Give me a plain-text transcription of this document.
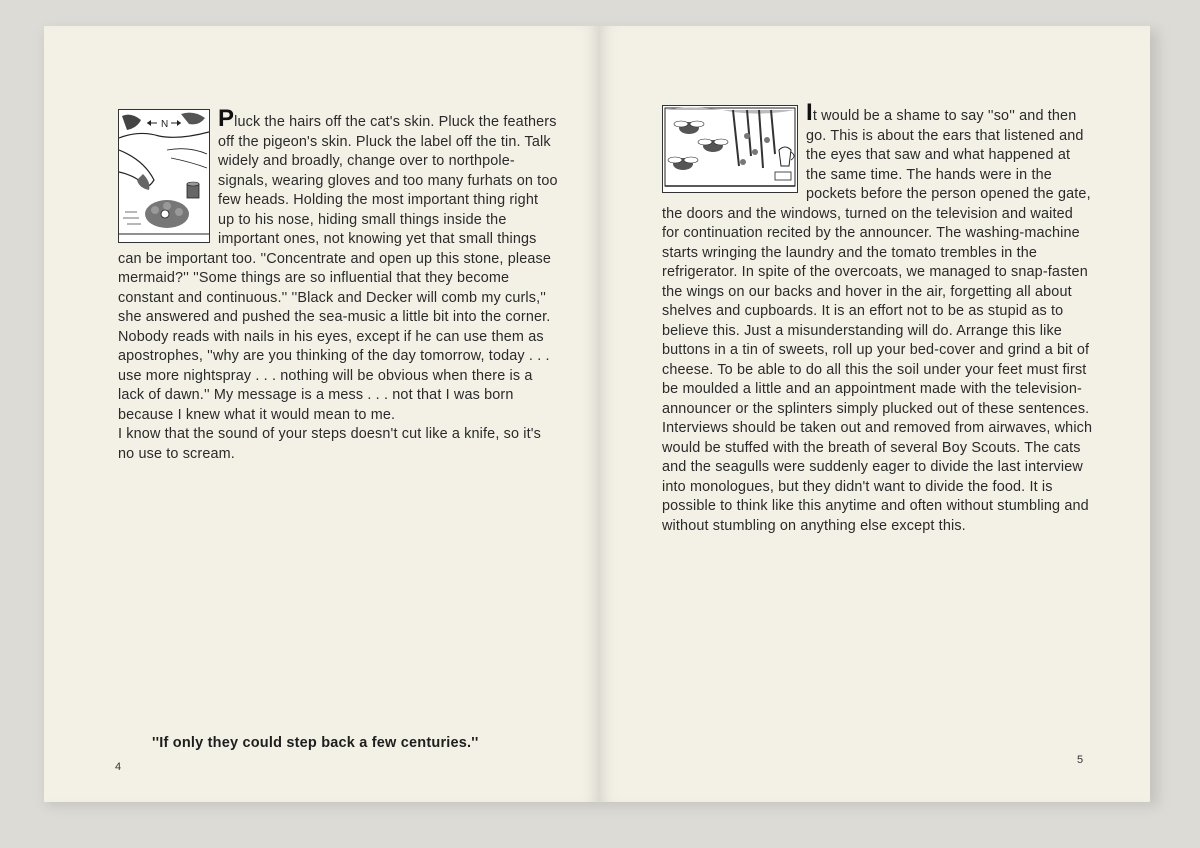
N	Pluck the hairs off the cat's skin. Pluck the feathers off the pigeon's skin. Pluck the label off the tin. Talk widely and broadly, change over to northpole-signals, wearing gloves and too many furhats on too few heads. Holding the most important thing right up to his nose, hiding small things inside the important ones, not knowing yet that small things can be important too. ''Concentrate and open up this stone, please mermaid?'' ''Some things are so influential that they become constant and continuous.'' ''Black and Decker will comb my curls,'' she answered and pushed the sea-music a little bit into the corner.

Nobody reads with nails in his eyes, except if he can use them as apostrophes, ''why are you thinking of the day tomorrow, today . . . use more nightspray . . . nothing will be obvious when there is a lack of dawn.'' My message is a mess . . . not that I was born because I knew what it would mean to me.

I know that the sound of your steps doesn't cut like a knife, so it's no use to scream.

''If only they could step back a few centuries.''
4

It would be a shame to say ''so'' and then go. This is about the ears that listened and the eyes that saw and what happened at the same time. The hands were in the pockets before the person opened the gate, the doors and the windows, turned on the television and waited for continuation recited by the announcer. The washing-machine starts wringing the laundry and the tomato trembles in the refrigerator. In spite of the overcoats, we managed to snap-fasten the wings on our backs and hover in the air, forgetting all about shelves and cupboards. It is an effort not to be as stupid as to believe this. Just a misunderstanding will do. Arrange this like buttons in a tin of sweets, roll up your bed-cover and grind a bit of cheese. To be able to do all this the soil under your feet must first be moulded a little and an appointment made with the television-announcer or the splinters simply plucked out of these sentences. Interviews should be taken out and removed from airwaves, which would be stuffed with the breath of several Boy Scouts. The cats and the seagulls were suddenly eager to divide the last interview into monologues, but they didn't want to divide the food. It is possible to think like this anytime and often without stumbling and without stumbling on anything else except this.

5
